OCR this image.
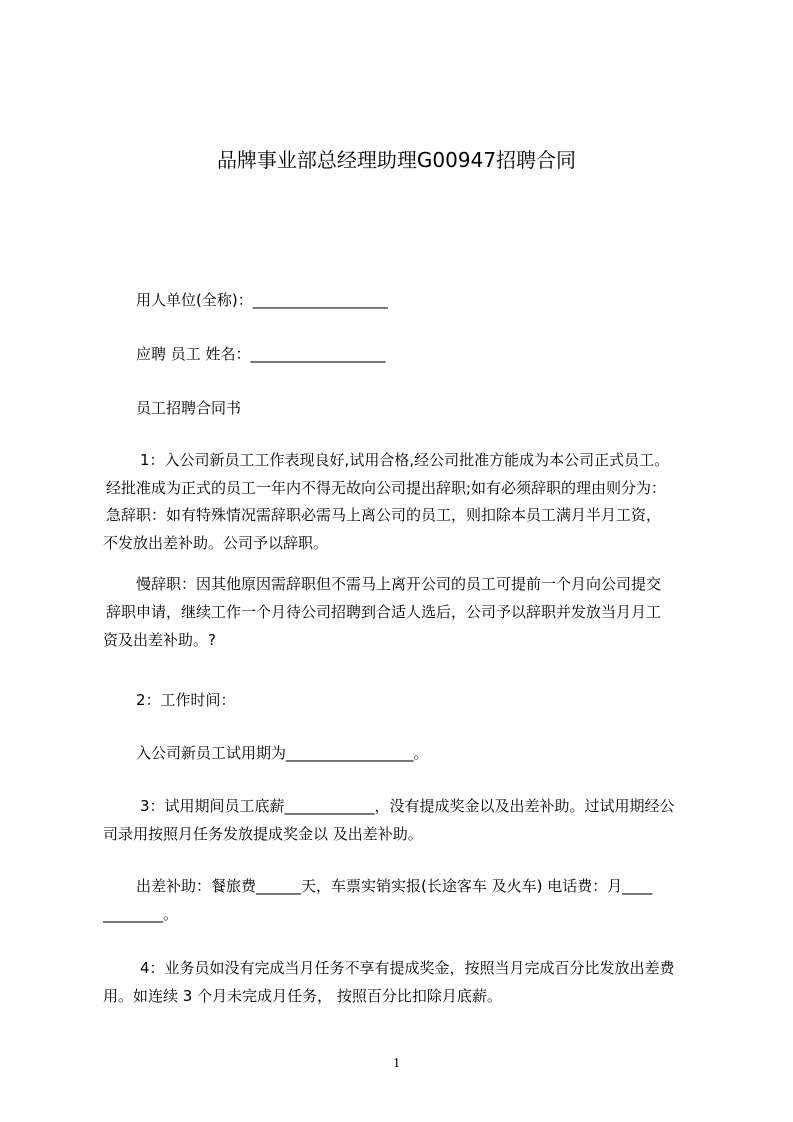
品牌事业部总经理助理G00947招聘合同
用人单位(全称)：__________________
应聘 员工 姓名：__________________
员工招聘合同书
1：入公司新员工工作表现良好,试用合格,经公司批准方能成为本公司正式员工。
经批准成为正式的员工一年内不得无故向公司提出辞职;如有必须辞职的理由则分为：
急辞职：如有特殊情况需辞职必需马上离公司的员工，则扣除本员工满月半月工资，
不发放出差补助。公司予以辞职。
慢辞职：因其他原因需辞职但不需马上离开公司的员工可提前一个月向公司提交
辞职申请，继续工作一个月待公司招聘到合适人选后，公司予以辞职并发放当月月工
资及出差补助。?
2：工作时间：
入公司新员工试用期为_________________。
3：试用期间员工底薪____________，没有提成奖金以及出差补助。过试用期经公
司录用按照月任务发放提成奖金以 及出差补助。
出差补助：餐旅费______天，车票实销实报(长途客车 及火车) 电话费：月____
________。
4：业务员如没有完成当月任务不享有提成奖金，按照当月完成百分比发放出差费
用。如连续 3 个月未完成月任务， 按照百分比扣除月底薪。
1
